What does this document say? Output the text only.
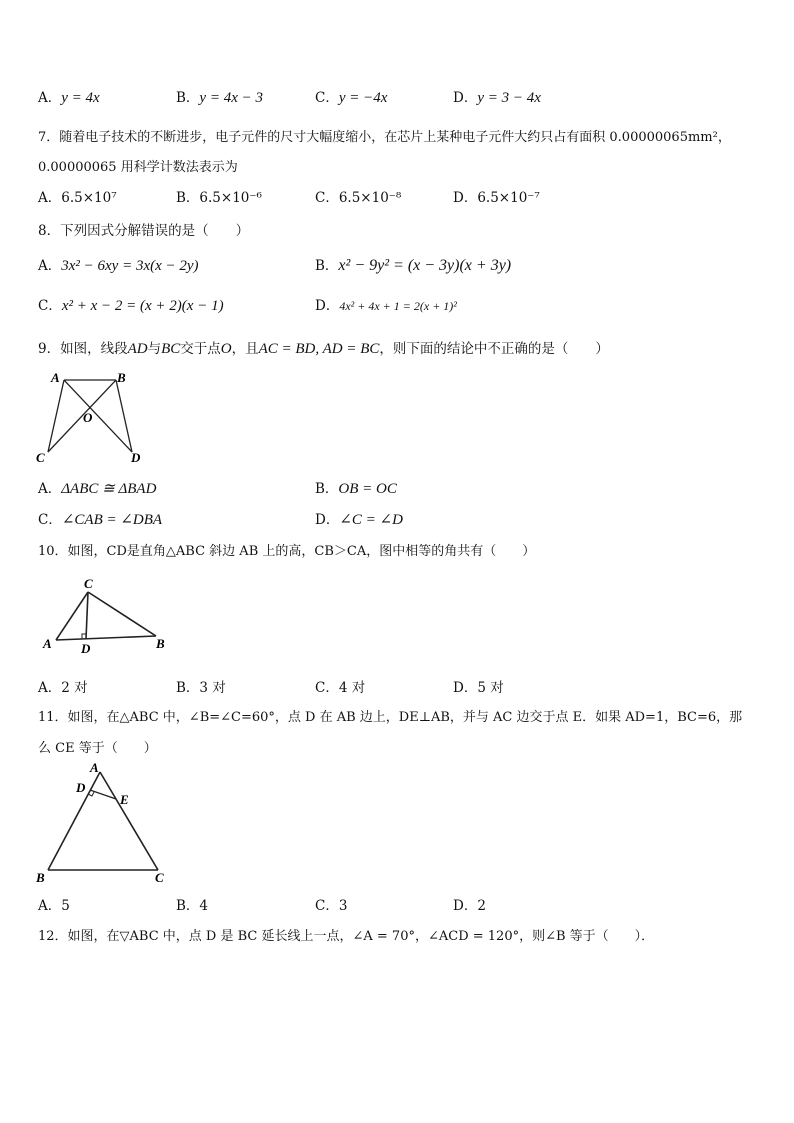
A．y = 4x	B．y = 4x − 3	C．y = −4x	D．y = 3 − 4x
7．随着电子技术的不断进步，电子元件的尺寸大幅度缩小，在芯片上某种电子元件大约只占有面积 0.00000065mm²，
0.00000065 用科学计数法表示为
A．6.5×10⁷	B．6.5×10⁻⁶	C．6.5×10⁻⁸	D．6.5×10⁻⁷
8．下列因式分解错误的是（　　）
A．3x² − 6xy = 3x(x − 2y)	B．x² − 9y² = (x − 3y)(x + 3y)
C．x² + x − 2 = (x + 2)(x − 1)	D．4x² + 4x + 1 = 2(x + 1)²
9．如图，线段AD与BC交于点O，且AC = BD, AD = BC，则下面的结论中不正确的是（　　）
A	B
O
C	D
A．ΔABC ≅ ΔBAD	B．OB = OC
C．∠CAB = ∠DBA	D．∠C = ∠D
10．如图，CD是直角△ABC 斜边 AB 上的高，CB＞CA，图中相等的角共有（　　）
C
A D	B
A．2 对	B．3 对	C．4 对	D．5 对
11．如图，在△ABC 中，∠B=∠C=60°，点 D 在 AB 边上，DE⊥AB，并与 AC 边交于点 E．如果 AD=1，BC=6，那
么 CE 等于（　　）
A
D
E
B	C
A．5	B．4	C．3	D．2
12．如图，在▽ABC 中，点 D 是 BC 延长线上一点，∠A = 70°，∠ACD = 120°，则∠B 等于（　　）．
